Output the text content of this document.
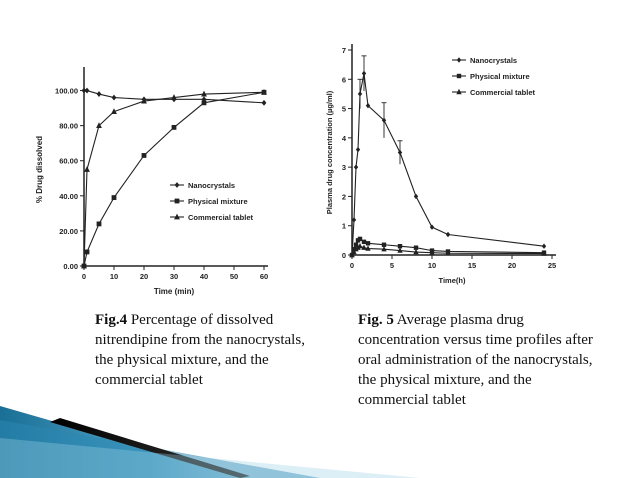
0.00
20.00
40.00
60.00
80.00
100.00
0	10	20	30	40	50	60
Time (min)
% Drug dissolved	Nanocrystals
Physical mixture
Commercial tablet
0
1
2
3
4
5
6
7
0	5	10	15	20	25
Time(h)
Plasma drug concentration (µg/ml)
Nanocrystals
Physical mixture
Commercial tablet
Fig.4 Percentage of dissolved nitrendipine from the nanocrystals, the physical mixture, and the commercial tablet
Fig. 5 Average plasma drug concentration versus time profiles after oral administration of the nanocrystals, the physical mixture, and the commercial tablet
